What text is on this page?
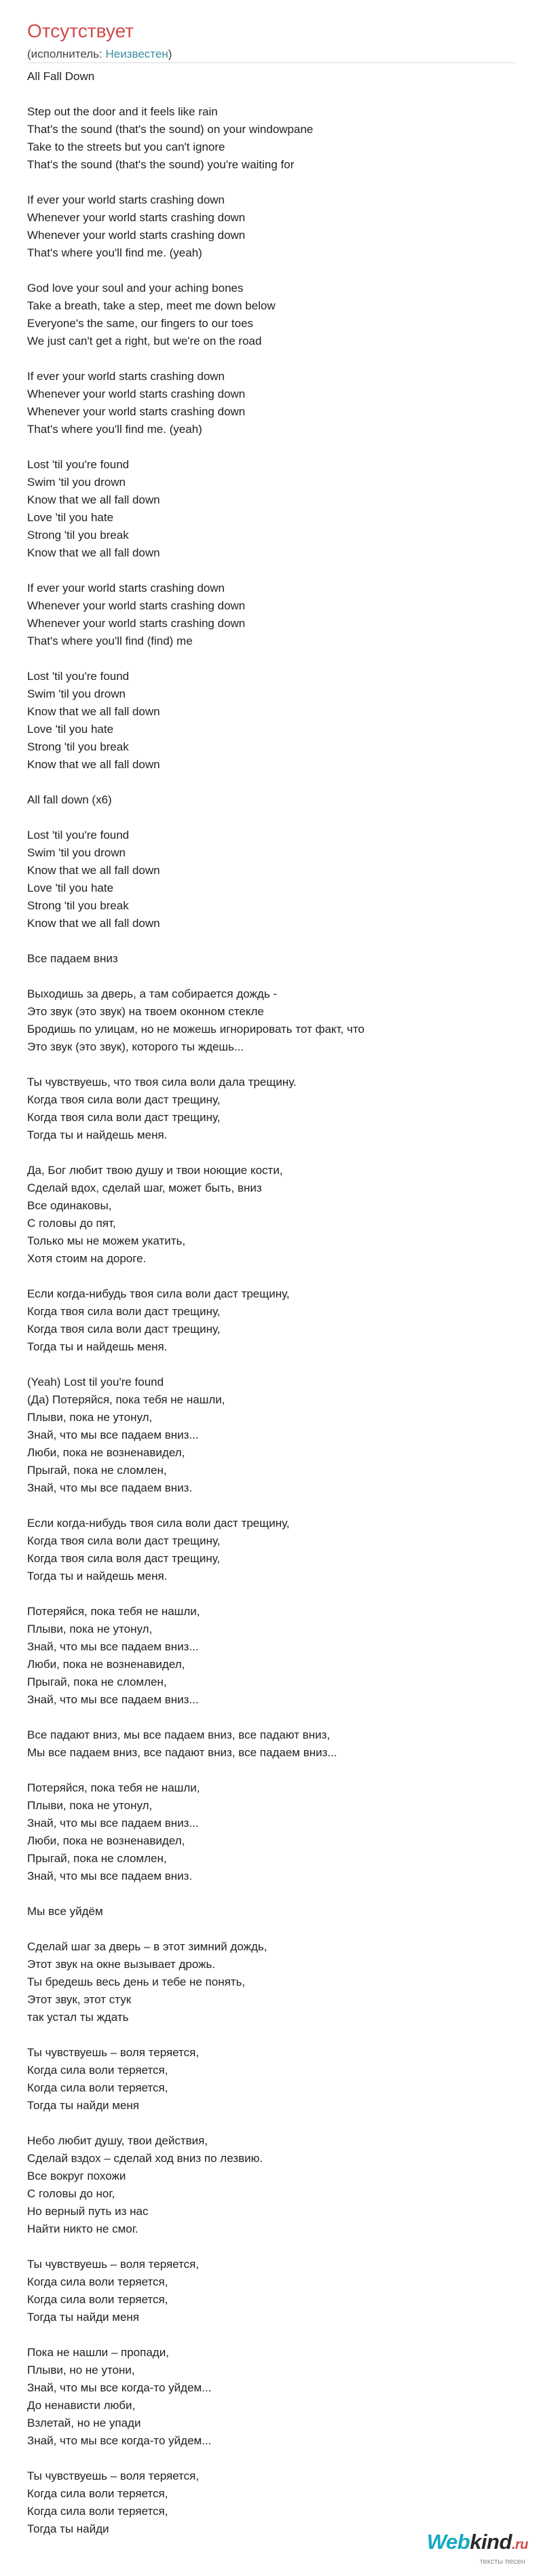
Отсутствует
(исполнитель: Неизвестен)
All Fall Down
Step out the door and it feels like rain
That's the sound (that's the sound) on your windowpane
Take to the streets but you can't ignore
That's the sound (that's the sound) you're waiting for
If ever your world starts crashing down
Whenever your world starts crashing down
Whenever your world starts crashing down
That's where you'll find me. (yeah)
God love your soul and your aching bones
Take a breath, take a step, meet me down below
Everyone's the same, our fingers to our toes
We just can't get a right, but we're on the road
If ever your world starts crashing down
Whenever your world starts crashing down
Whenever your world starts crashing down
That's where you'll find me. (yeah)
Lost 'til you're found
Swim 'til you drown
Know that we all fall down
Love 'til you hate
Strong 'til you break
Know that we all fall down
If ever your world starts crashing down
Whenever your world starts crashing down
Whenever your world starts crashing down
That's where you'll find (find) me
Lost 'til you're found
Swim 'til you drown
Know that we all fall down
Love 'til you hate
Strong 'til you break
Know that we all fall down
All fall down (x6)
Lost 'til you're found
Swim 'til you drown
Know that we all fall down
Love 'til you hate
Strong 'til you break
Know that we all fall down
Все падаем вниз
Выходишь за дверь, а там собирается дождь -
Это звук (это звук) на твоем оконном стекле
Бродишь по улицам, но не можешь игнорировать тот факт, что
Это звук (это звук), которого ты ждешь...
Ты чувствуешь, что твоя сила воли дала трещину.
Когда твоя сила воли даст трещину,
Когда твоя сила воли даст трещину,
Тогда ты и найдешь меня.
Да, Бог любит твою душу и твои ноющие кости,
Сделай вдох, сделай шаг, может быть, вниз
Все одинаковы,
С головы до пят,
Только мы не можем укатить,
Хотя стоим на дороге.
Если когда-нибудь твоя сила воли даст трещину,
Когда твоя сила воли даст трещину,
Когда твоя сила воли даст трещину,
Тогда ты и найдешь меня.
(Yeah) Lost til you're found
(Да) Потеряйся, пока тебя не нашли,
Плыви, пока не утонул,
Знай, что мы все падаем вниз...
Люби, пока не возненавидел,
Прыгай, пока не сломлен,
Знай, что мы все падаем вниз.
Если когда-нибудь твоя сила воли даст трещину,
Когда твоя сила воли даст трещину,
Когда твоя сила воля даст трещину,
Тогда ты и найдешь меня.
Потеряйся, пока тебя не нашли,
Плыви, пока не утонул,
Знай, что мы все падаем вниз...
Люби, пока не возненавидел,
Прыгай, пока не сломлен,
Знай, что мы все падаем вниз...
Все падают вниз, мы все падаем вниз, все падают вниз,
Мы все падаем вниз, все падают вниз, все падаем вниз...
Потеряйся, пока тебя не нашли,
Плыви, пока не утонул,
Знай, что мы все падаем вниз...
Люби, пока не возненавидел,
Прыгай, пока не сломлен,
Знай, что мы все падаем вниз.
Мы все уйдём
Сделай шаг за дверь – в этот зимний дождь,
Этот звук на окне вызывает дрожь.
Ты бредешь весь день и тебе не понять,
Этот звук, этот стук
так устал ты ждать
Ты чувствуешь – воля теряется,
Когда сила воли теряется,
Когда сила воли теряется,
Тогда ты найди меня
Небо любит душу, твои действия,
Сделай вздох – сделай ход вниз по лезвию.
Все вокруг похожи
С головы до ног,
Но верный путь из нас
Найти никто не смог.
Ты чувствуешь – воля теряется,
Когда сила воли теряется,
Когда сила воли теряется,
Тогда ты найди меня
Пока не нашли – пропади,
Плыви, но не утони,
Знай, что мы все когда-то уйдем...
До ненависти люби,
Взлетай, но не упади
Знай, что мы все когда-то уйдем...
Ты чувствуешь – воля теряется,
Когда сила воли теряется,
Когда сила воли теряется,
Тогда ты найди
Webkind.ru
тексты песен
